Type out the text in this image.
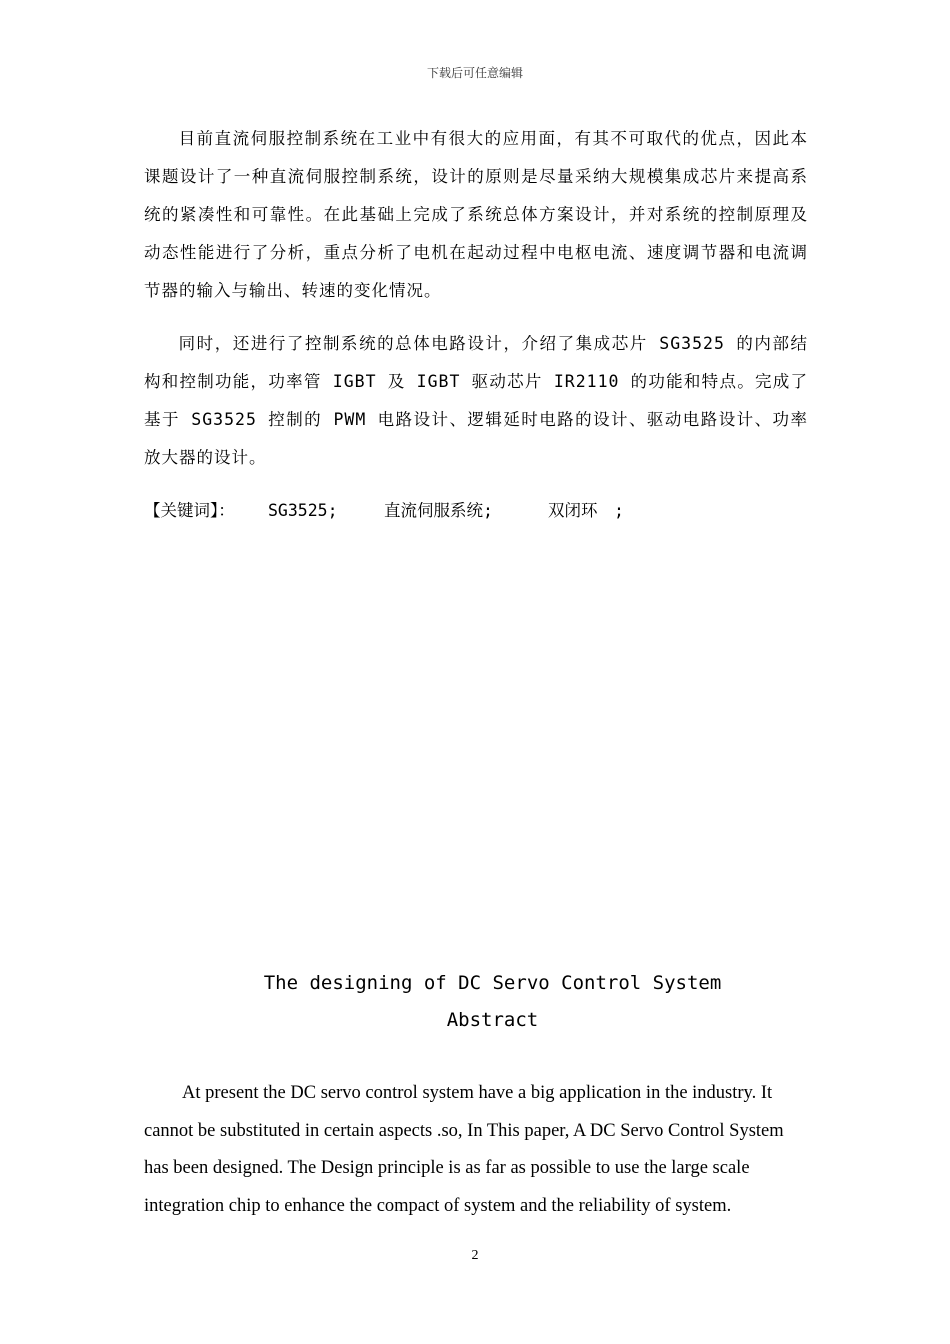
下载后可任意编辑

目前直流伺服控制系统在工业中有很大的应用面，有其不可取代的优点，因此本课题设计了一种直流伺服控制系统，设计的原则是尽量采纳大规模集成芯片来提高系统的紧凑性和可靠性。在此基础上完成了系统总体方案设计，并对系统的控制原理及动态性能进行了分析，重点分析了电机在起动过程中电枢电流、速度调节器和电流调节器的输入与输出、转速的变化情况。

同时，还进行了控制系统的总体电路设计，介绍了集成芯片 SG3525 的内部结构和控制功能，功率管 IGBT 及 IGBT 驱动芯片 IR2110 的功能和特点。完成了基于 SG3525 控制的 PWM 电路设计、逻辑延时电路的设计、驱动电路设计、功率放大器的设计。

【关键词】： SG3525;	直流伺服系统;	双闭环　;
The designing of DC Servo Control System
Abstract

At present the DC servo control system have a big application in the industry. It cannot be substituted in certain aspects .so, In This paper, A DC Servo Control System has been designed. The Design principle is as far as possible to use the large scale integration chip to enhance the compact of system and the reliability of system.

2
